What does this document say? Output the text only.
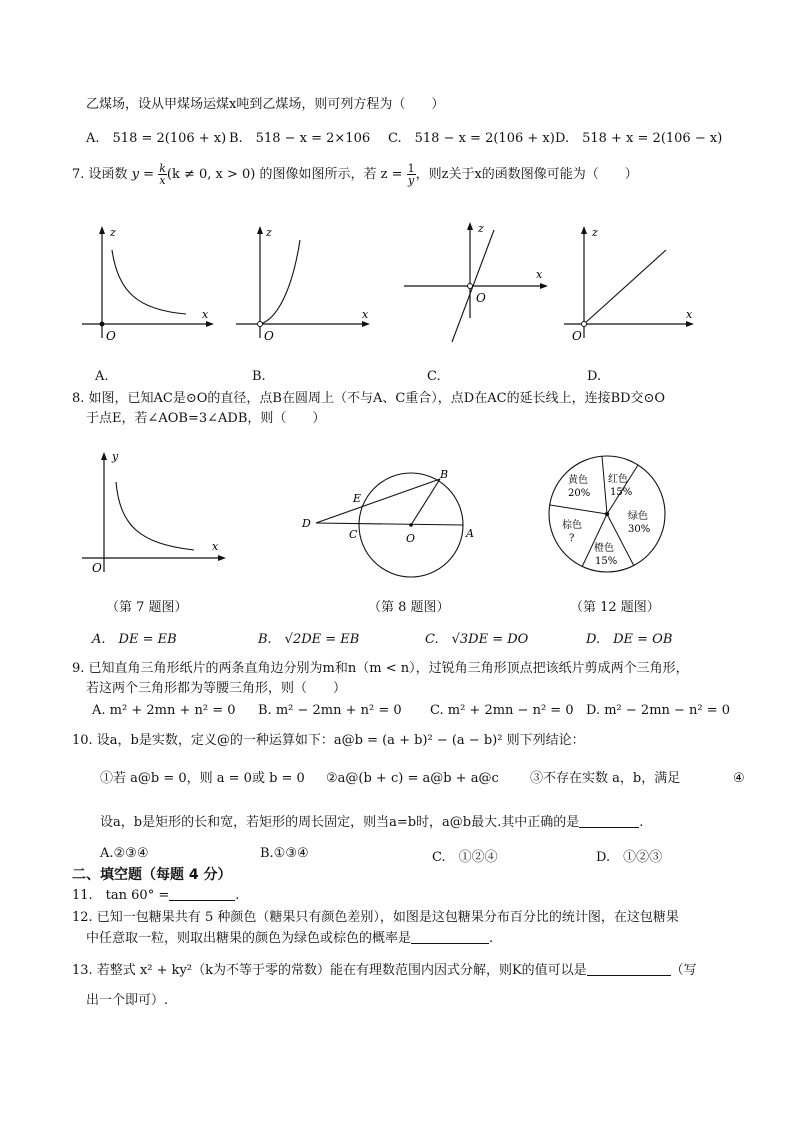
乙煤场，设从甲煤场运煤x吨到乙煤场，则可列方程为（　　）
A.　518 = 2(106 + x) B.　518 − x = 2×106 C.　518 − x = 2(106 + x) D.　518 + x = 2(106 − x)
7. 设函数 $y = \frac{k}{x} (k \ne 0$, x > 0) 的图像如图所示，若 $z = \frac{1}{y}$ ，则z关于x的函数图像可能为（　　）
z
x
O
A.
z
x
O
B.
z
x
O
C.
z
x
O
D.
8. 如图，已知AC是⊙O的直径，点B在圆周上（不与A、C重合），点D在AC的延长线上，连接BD交⊙O
于点E，若∠AOB=3∠ADB，则（　　）
y
x
O
B
E
D
C	O	A
黄色
20%
红色
15%
绿色
30%
橙色
15%
棕色
?
（第 7 题图）	（第 8 题图）	（第 12 题图）
A.　DE = EB	B.　√2DE = EB	C.　√3DE = DO	D.　DE = OB
9. 已知直角三角形纸片的两条直角边分别为m和n（m < n），过锐角三角形顶点把该纸片剪成两个三角形，
若这两个三角形都为等腰三角形，则（　　）
A. m² + 2mn + n² = 0 B. m² − 2mn + n² = 0 C. m² + 2mn − n² = 0 D. m² − 2mn − n² = 0
10. 设a，b是实数，定义@的一种运算如下：a@b = (a + b)² − (a − b)² 则下列结论：
①若 a@b = 0，则 a = 0或 b = 0 ②a@(b + c) = a@b + a@c ③不存在实数 a，b，满足	④
设a，b是矩形的长和宽，若矩形的周长固定，则当a=b时，a@b最大.其中正确的是	.
A.②③④	B.①③④	C.　①②④	D.　①②③
二、填空题（每题 4 分）
11.　tan 60° =	.
12. 已知一包糖果共有 5 种颜色（糖果只有颜色差别），如图是这包糖果分布百分比的统计图，在这包糖果
中任意取一粒，则取出糖果的颜色为绿色或棕色的概率是	.
13. 若整式 x² + ky²（k为不等于零的常数）能在有理数范围内因式分解，则K的值可以是	（写
出一个即可）.
